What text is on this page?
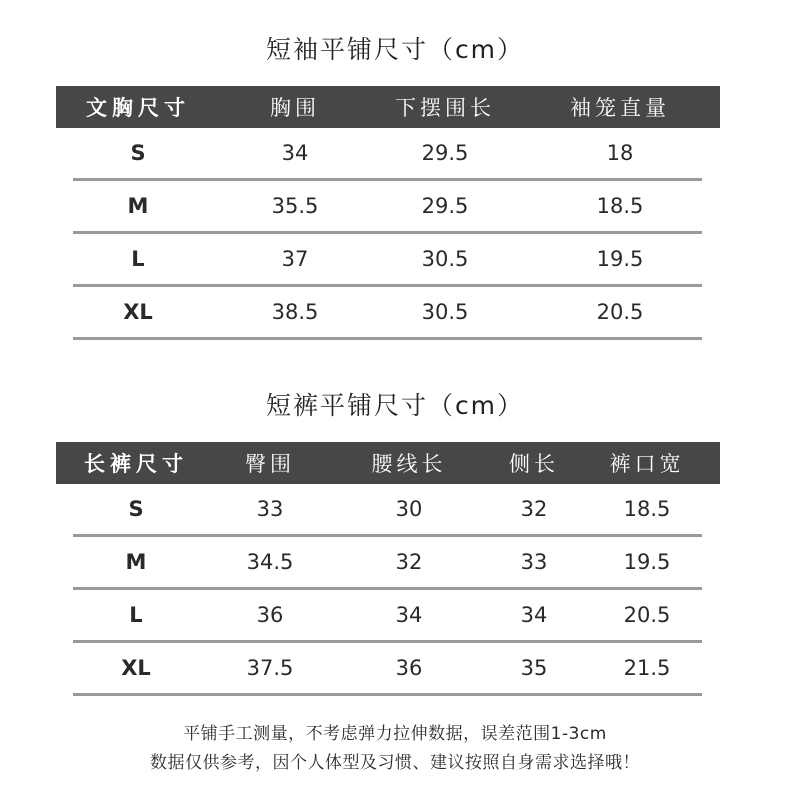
短袖平铺尺寸（cm）
文胸尺寸	胸围	下摆围长	袖笼直量
S	34	29.5	18
M	35.5	29.5	18.5
L	37	30.5	19.5
XL	38.5	30.5	20.5
短裤平铺尺寸（cm）
长裤尺寸	臀围	腰线长	侧长	裤口宽
S	33	30	32	18.5
M	34.5	32	33	19.5
L	36	34	34	20.5
XL	37.5	36	35	21.5
平铺手工测量，不考虑弹力拉伸数据，误差范围1-3cm
数据仅供参考，因个人体型及习惯、建议按照自身需求选择哦！
